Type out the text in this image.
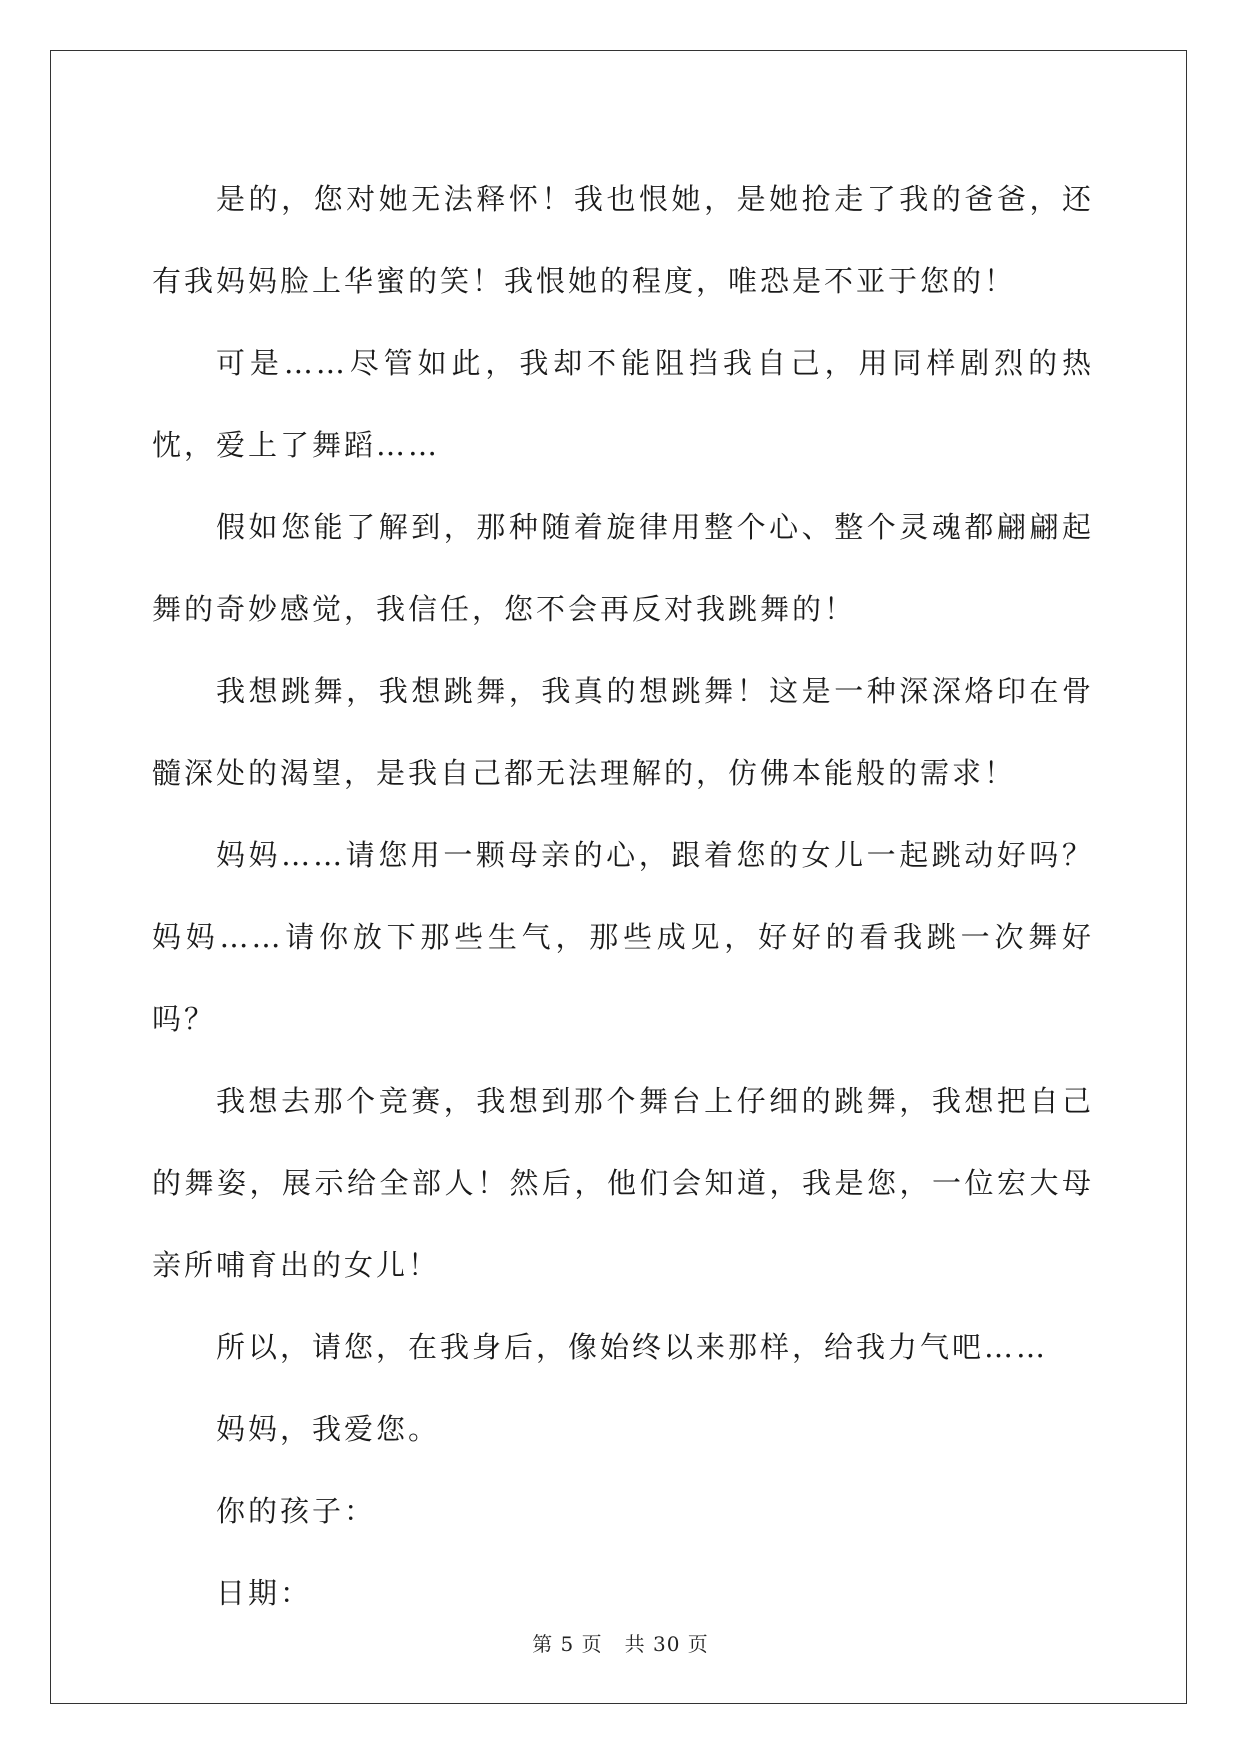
是的，您对她无法释怀！我也恨她，是她抢走了我的爸爸，还有我妈妈脸上华蜜的笑！我恨她的程度，唯恐是不亚于您的！

可是……尽管如此，我却不能阻挡我自己，用同样剧烈的热忱，爱上了舞蹈……

假如您能了解到，那种随着旋律用整个心、整个灵魂都翩翩起舞的奇妙感觉，我信任，您不会再反对我跳舞的！

我想跳舞，我想跳舞，我真的想跳舞！这是一种深深烙印在骨髓深处的渴望，是我自己都无法理解的，仿佛本能般的需求！

妈妈……请您用一颗母亲的心，跟着您的女儿一起跳动好吗？妈妈……请你放下那些生气，那些成见，好好的看我跳一次舞好吗？

我想去那个竞赛，我想到那个舞台上仔细的跳舞，我想把自己的舞姿，展示给全部人！然后，他们会知道，我是您，一位宏大母亲所哺育出的女儿！

所以，请您，在我身后，像始终以来那样，给我力气吧……

妈妈，我爱您。

你的孩子：

日期：

第 5 页 共 30 页
